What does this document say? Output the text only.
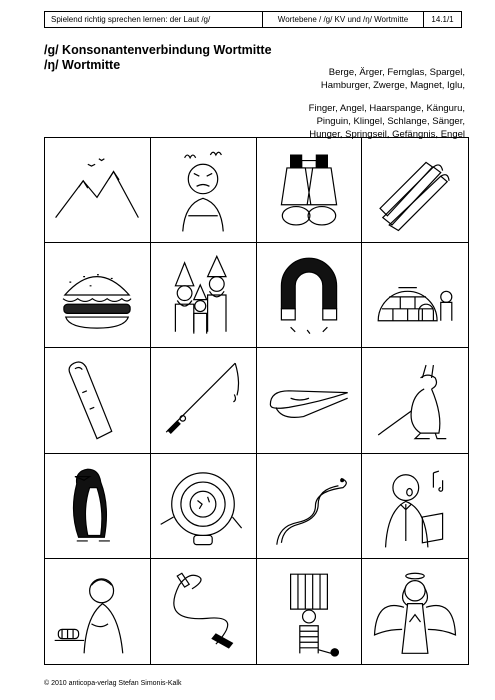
Spielend richtig sprechen lernen: der Laut /g/	Wortebene / /g/ KV und /ŋ/ Wortmitte	14.1/1
/g/ Konsonantenverbindung Wortmitte
/ŋ/ Wortmitte
Berge, Ärger, Fernglas, Spargel,
Hamburger, Zwerge, Magnet, Iglu,
Finger, Angel, Haarspange, Känguru,
Pinguin, Klingel, Schlange, Sänger,
Hunger, Springseil, Gefängnis, Engel
© 2010 anticopa-verlag Stefan Simonis-Kalk
